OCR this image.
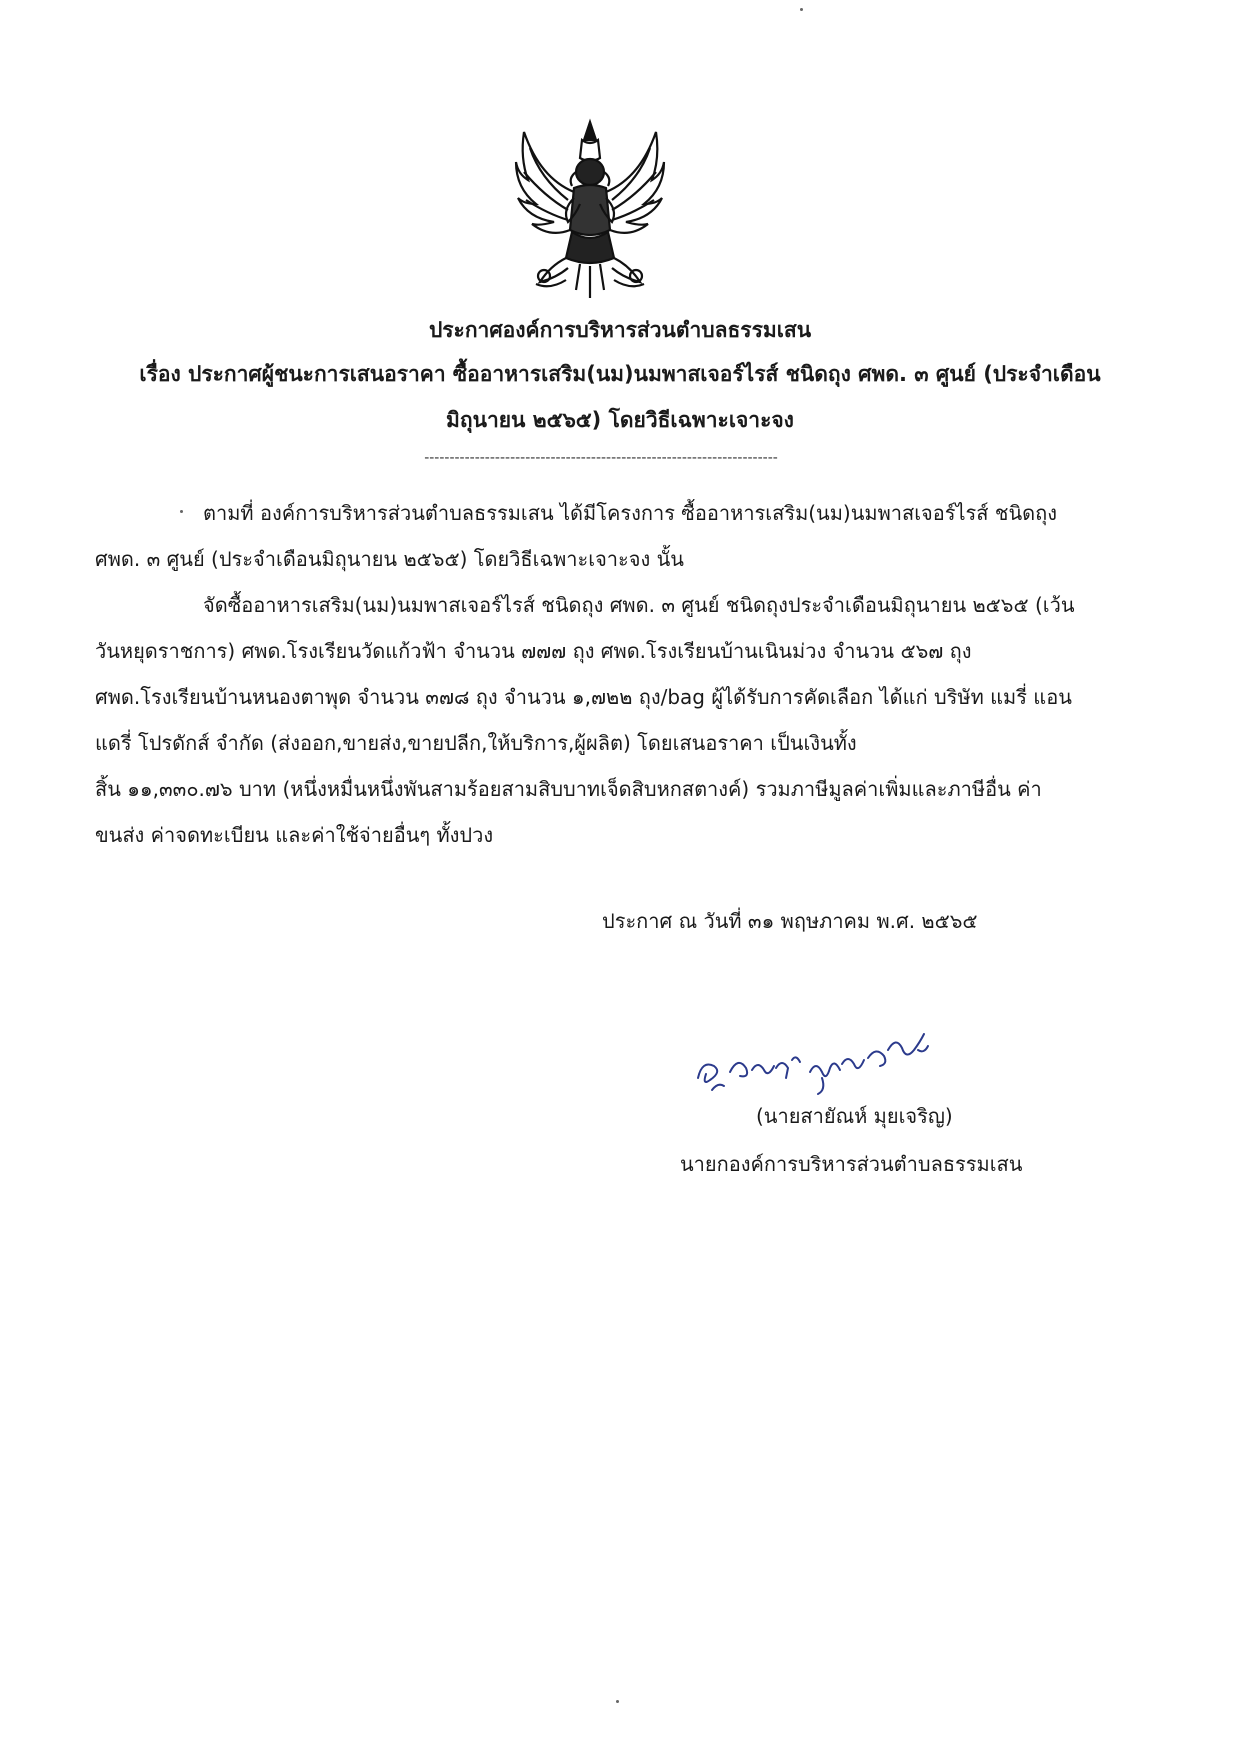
ประกาศองค์การบริหารส่วนตำบลธรรมเสน
เรื่อง ประกาศผู้ชนะการเสนอราคา ซื้ออาหารเสริม(นม)นมพาสเจอร์ไรส์ ชนิดถุง ศพด. ๓ ศูนย์ (ประจำเดือน
มิถุนายน ๒๕๖๕) โดยวิธีเฉพาะเจาะจง
----------------------------------------------------------------------
ตามที่ องค์การบริหารส่วนตำบลธรรมเสน ได้มีโครงการ ซื้ออาหารเสริม(นม)นมพาสเจอร์ไรส์ ชนิดถุง
ศพด. ๓ ศูนย์ (ประจำเดือนมิถุนายน ๒๕๖๕) โดยวิธีเฉพาะเจาะจง นั้น
จัดซื้ออาหารเสริม(นม)นมพาสเจอร์ไรส์ ชนิดถุง ศพด. ๓ ศูนย์ ชนิดถุงประจำเดือนมิถุนายน ๒๕๖๕ (เว้น
วันหยุดราชการ) ศพด.โรงเรียนวัดแก้วฟ้า จำนวน ๗๗๗ ถุง ศพด.โรงเรียนบ้านเนินม่วง จำนวน ๕๖๗ ถุง
ศพด.โรงเรียนบ้านหนองตาพุด จำนวน ๓๗๘ ถุง จำนวน ๑,๗๒๒ ถุง/bag ผู้ได้รับการคัดเลือก ได้แก่ บริษัท แมรี่ แอน
แดรี่ โปรดักส์ จำกัด (ส่งออก,ขายส่ง,ขายปลีก,ให้บริการ,ผู้ผลิต) โดยเสนอราคา เป็นเงินทั้ง
สิ้น ๑๑,๓๓๐.๗๖ บาท (หนึ่งหมื่นหนึ่งพันสามร้อยสามสิบบาทเจ็ดสิบหกสตางค์) รวมภาษีมูลค่าเพิ่มและภาษีอื่น ค่า
ขนส่ง ค่าจดทะเบียน และค่าใช้จ่ายอื่นๆ ทั้งปวง
ประกาศ ณ วันที่ ๓๑ พฤษภาคม พ.ศ. ๒๕๖๕
(นายสายัณห์ มุยเจริญ)
นายกองค์การบริหารส่วนตำบลธรรมเสน
